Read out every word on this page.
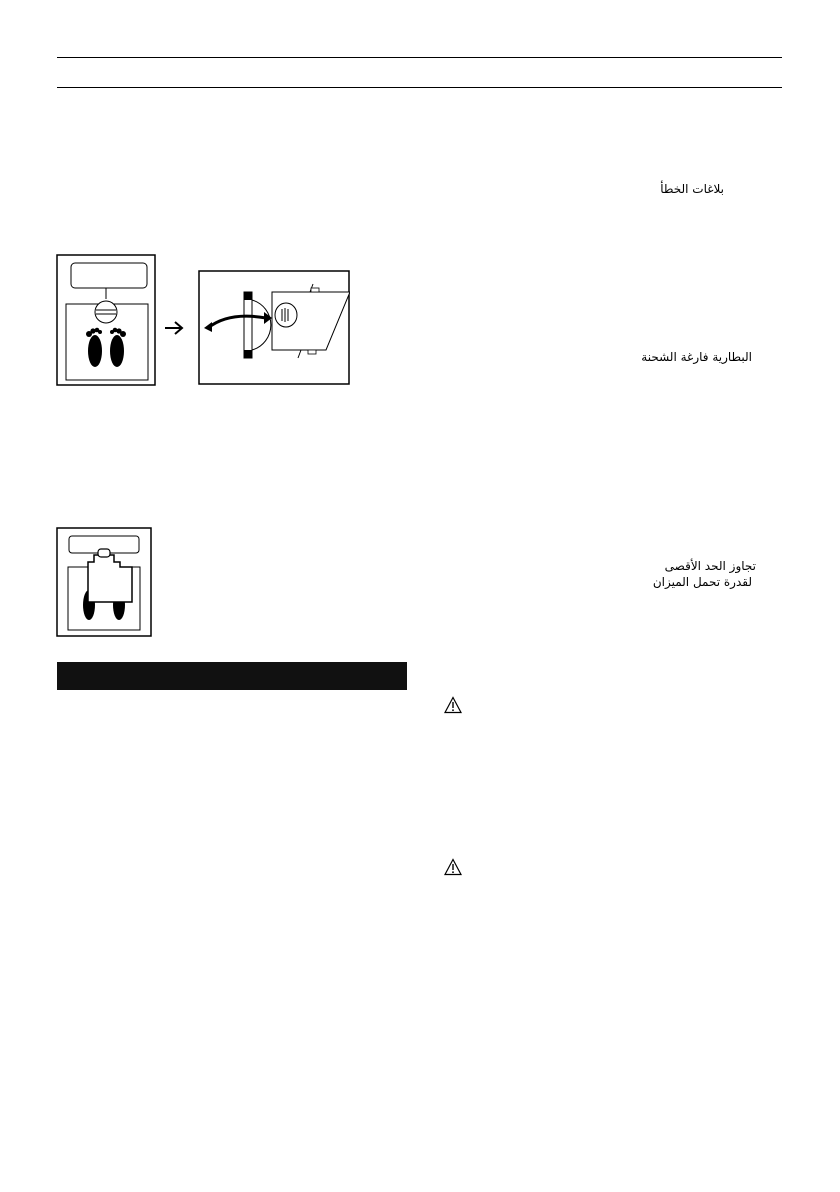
بلاغات الخطأ
البطارية فارغة الشحنة
تجاوز الحد الأقصى
لقدرة تحمل الميزان
